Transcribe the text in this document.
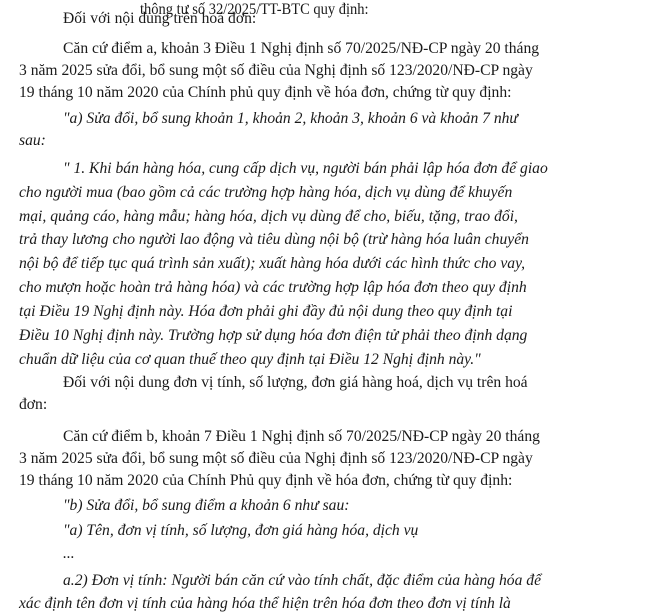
thông tư số 32/2025/TT-BTC quy định:
Đối với nội dung trên hoá đơn:
Căn cứ điểm a, khoản 3 Điều 1 Nghị định số 70/2025/NĐ-CP ngày 20 tháng
3 năm 2025 sửa đổi, bổ sung một số điều của Nghị định số 123/2020/NĐ-CP ngày
19 tháng 10 năm 2020 của Chính phủ quy định về hóa đơn, chứng từ quy định:
"a) Sửa đổi, bổ sung khoản 1, khoản 2, khoản 3, khoản 6 và khoản 7 như
sau:
" 1. Khi bán hàng hóa, cung cấp dịch vụ, người bán phải lập hóa đơn để giao
cho người mua (bao gồm cả các trường hợp hàng hóa, dịch vụ dùng để khuyến
mại, quảng cáo, hàng mẫu; hàng hóa, dịch vụ dùng để cho, biếu, tặng, trao đổi,
trả thay lương cho người lao động và tiêu dùng nội bộ (trừ hàng hóa luân chuyển
nội bộ để tiếp tục quá trình sản xuất); xuất hàng hóa dưới các hình thức cho vay,
cho mượn hoặc hoàn trả hàng hóa) và các trường hợp lập hóa đơn theo quy định
tại Điều 19 Nghị định này. Hóa đơn phải ghi đầy đủ nội dung theo quy định tại
Điều 10 Nghị định này. Trường hợp sử dụng hóa đơn điện tử phải theo định dạng
chuẩn dữ liệu của cơ quan thuế theo quy định tại Điều 12 Nghị định này."
Đối với nội dung đơn vị tính, số lượng, đơn giá hàng hoá, dịch vụ trên hoá
đơn:
Căn cứ điểm b, khoản 7 Điều 1 Nghị định số 70/2025/NĐ-CP ngày 20 tháng
3 năm 2025 sửa đổi, bổ sung một số điều của Nghị định số 123/2020/NĐ-CP ngày
19 tháng 10 năm 2020 của Chính Phủ quy định về hóa đơn, chứng từ quy định:
"b) Sửa đổi, bổ sung điểm a khoản 6 như sau:
"a) Tên, đơn vị tính, số lượng, đơn giá hàng hóa, dịch vụ
...
a.2) Đơn vị tính: Người bán căn cứ vào tính chất, đặc điểm của hàng hóa để
xác định tên đơn vị tính của hàng hóa thể hiện trên hóa đơn theo đơn vị tính là
